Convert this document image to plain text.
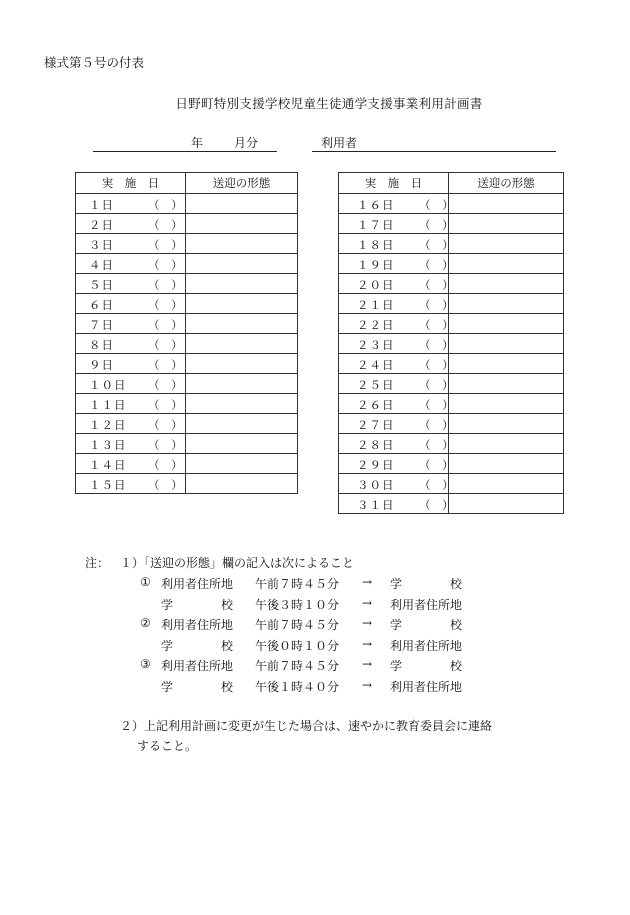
様式第５号の付表
日野町特別支援学校児童生徒通学支援事業利用計画書
年	月分	利用者
実　施　日	送迎の形態

１日 （ ）	

２日 （ ）	

３日 （ ）	

４日 （ ）	

５日 （ ）	

６日 （ ）	

７日 （ ）	

８日 （ ）	

９日 （ ）	

１０日 （ ）	

１１日 （ ）	

１２日 （ ）	

１３日 （ ）	

１４日 （ ）	

１５日 （ ）	

実　施　日	送迎の形態

１６日 （ ）	

１７日 （ ）	

１８日 （ ）	

１９日 （ ）	

２０日 （ ）	

２１日 （ ）	

２２日 （ ）	

２３日 （ ）	

２４日 （ ）	

２５日 （ ）	

２６日 （ ）	

２７日 （ ）	

２８日 （ ）	

２９日 （ ）	

３０日 （ ）	

３１日 （ ）	

注： １）「送迎の形態」欄の記入は次によること
① 利用者住所地 午前７時４５分 → 学　　　　校
学　　　　校 午後３時１０分 → 利用者住所地
② 利用者住所地 午前７時４５分 → 学　　　　校
学　　　　校 午後０時１０分 → 利用者住所地
③ 利用者住所地 午前７時４５分 → 学　　　　校
学　　　　校 午後１時４０分 → 利用者住所地
２）上記利用計画に変更が生じた場合は、速やかに教育委員会に連絡
すること。
